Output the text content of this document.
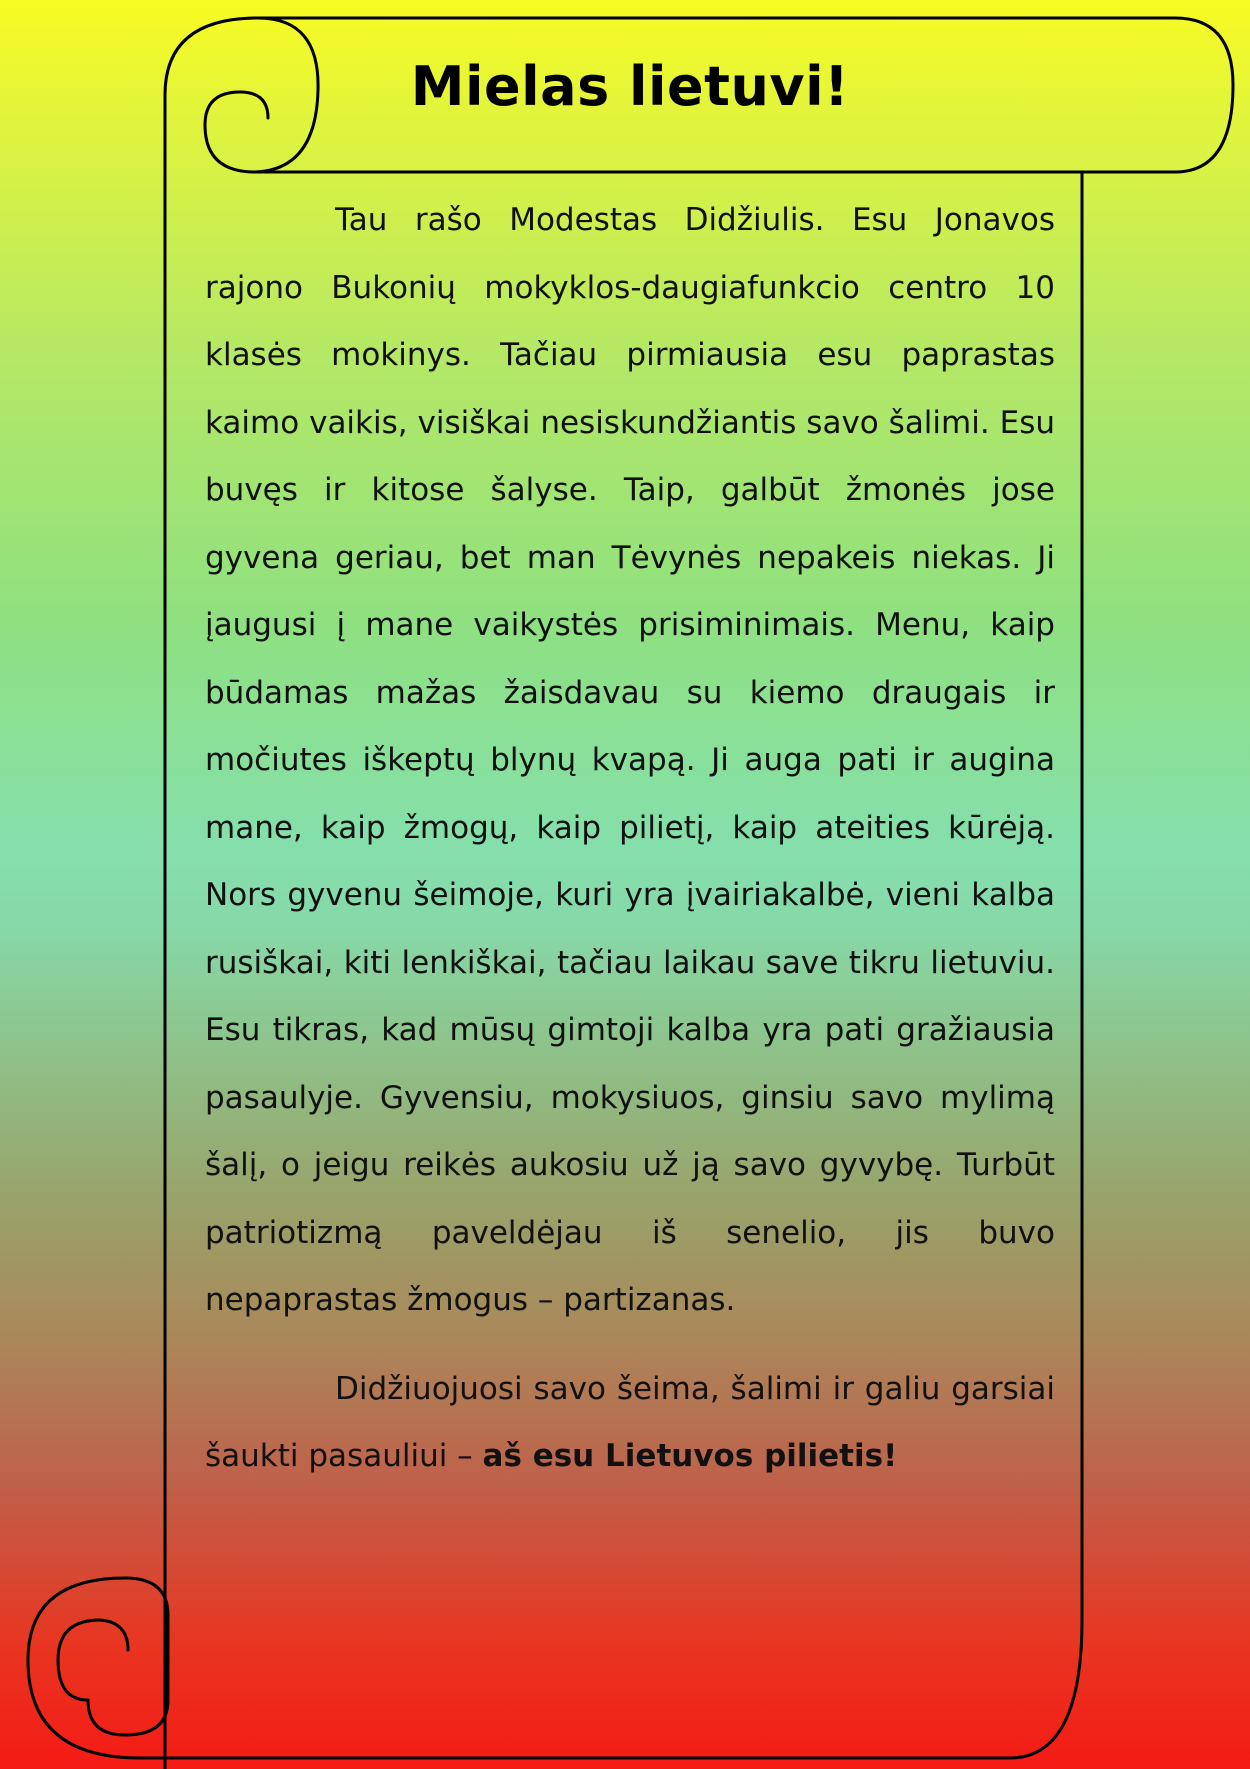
Mielas lietuvi!

Tau rašo Modestas Didžiulis. Esu Jonavos rajono Bukonių mokyklos-daugiafunkcio centro 10 klasės mokinys. Tačiau pirmiausia esu paprastas kaimo vaikis, visiškai nesiskundžiantis savo šalimi. Esu buvęs ir kitose šalyse. Taip, galbūt žmonės jose gyvena geriau, bet man Tėvynės nepakeis niekas. Ji įaugusi į mane vaikystės prisiminimais. Menu, kaip būdamas mažas žaisdavau su kiemo draugais ir močiutes iškeptų blynų kvapą. Ji auga pati ir augina mane, kaip žmogų, kaip pilietį, kaip ateities kūrėją. Nors gyvenu šeimoje, kuri yra įvairiakalbė, vieni kalba rusiškai, kiti lenkiškai, tačiau laikau save tikru lietuviu. Esu tikras, kad mūsų gimtoji kalba yra pati gražiausia pasaulyje. Gyvensiu, mokysiuos, ginsiu savo mylimą šalį, o jeigu reikės aukosiu už ją savo gyvybę. Turbūt patriotizmą paveldėjau iš senelio, jis buvo nepaprastas žmogus – partizanas.

Didžiuojuosi savo šeima, šalimi ir galiu garsiai šaukti pasauliui – aš esu Lietuvos pilietis!
